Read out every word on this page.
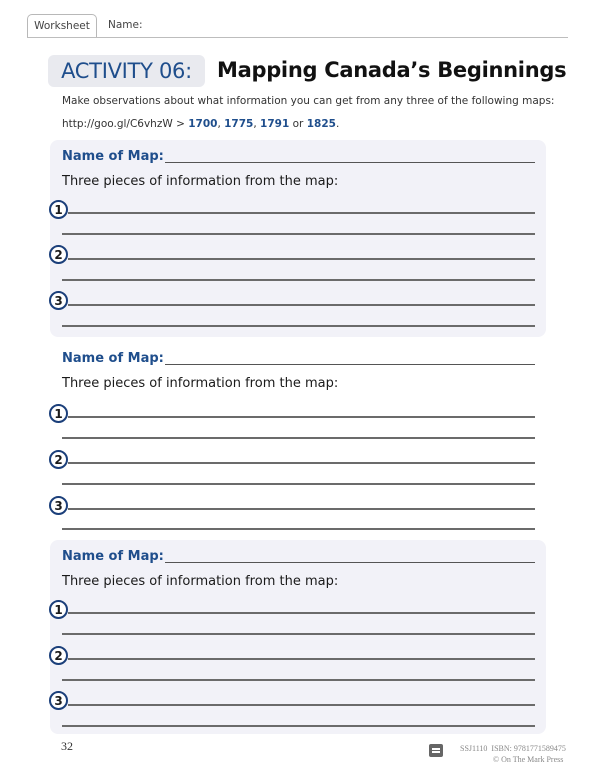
Worksheet	Name:
ACTIVITY 06:	Mapping Canada’s Beginnings
Make observations about what information you can get from any three of the following maps:
http://goo.gl/C6vhzW > 1700, 1775, 1791 or 1825.
Name of Map:
Three pieces of information from the map:
1
2
3
Name of Map:
Three pieces of information from the map:
1
2
3
Name of Map:
Three pieces of information from the map:
1
2
3
32	SSJ1110 ISBN: 9781771589475
© On The Mark Press
